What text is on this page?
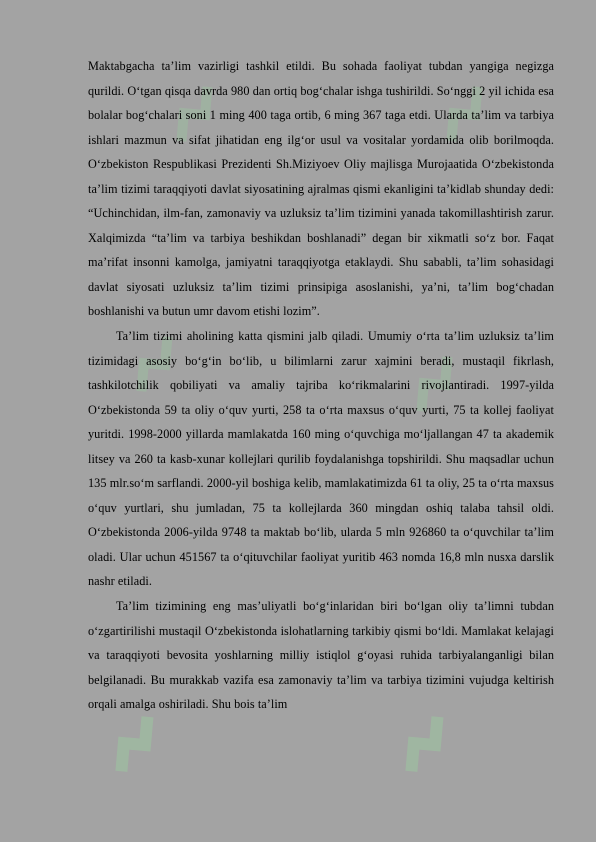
Maktabgacha ta’lim vazirligi tashkil etildi. Bu sohada faoliyat tubdan yangiga negizga qurildi. O‘tgan qisqa davrda 980 dan ortiq bog‘chalar ishga tushirildi. So‘nggi 2 yil ichida esa bolalar bog‘chalari soni 1 ming 400 taga ortib, 6 ming 367 taga etdi. Ularda ta’lim va tarbiya ishlari mazmun va sifat jihatidan eng ilg‘or usul va vositalar yordamida olib borilmoqda. O‘zbekiston Respublikasi Prezidenti Sh.Miziyoev Oliy majlisga Murojaatida O‘zbekistonda ta’lim tizimi taraqqiyoti davlat siyosatining ajralmas qismi ekanligini ta’kidlab shunday dedi: “Uchinchidan, ilm-fan, zamonaviy va uzluksiz ta’lim tizimini yanada takomillashtirish zarur. Xalqimizda “ta’lim va tarbiya beshikdan boshlanadi” degan bir xikmatli so‘z bor. Faqat ma’rifat insonni kamolga, jamiyatni taraqqiyotga etaklaydi. Shu sababli, ta’lim sohasidagi davlat siyosati uzluksiz ta’lim tizimi prinsipiga asoslanishi, ya’ni, ta’lim bog‘chadan boshlanishi va butun umr davom etishi lozim”.

Ta’lim tizimi aholining katta qismini jalb qiladi. Umumiy o‘rta ta’lim uzluksiz ta’lim tizimidagi asosiy bo‘g‘in bo‘lib, u bilimlarni zarur xajmini beradi, mustaqil fikrlash, tashkilotchilik qobiliyati va amaliy tajriba ko‘rikmalarini rivojlantiradi. 1997-yilda O‘zbekistonda 59 ta oliy o‘quv yurti, 258 ta o‘rta maxsus o‘quv yurti, 75 ta kollej faoliyat yuritdi. 1998-2000 yillarda mamlakatda 160 ming o‘quvchiga mo‘ljallangan 47 ta akademik litsey va 260 ta kasb-xunar kollejlari qurilib foydalanishga topshirildi. Shu maqsadlar uchun 135 mlr.so‘m sarflandi. 2000-yil boshiga kelib, mamlakatimizda 61 ta oliy, 25 ta o‘rta maxsus o‘quv yurtlari, shu jumladan, 75 ta kollejlarda 360 mingdan oshiq talaba tahsil oldi. O‘zbekistonda 2006-yilda 9748 ta maktab bo‘lib, ularda 5 mln 926860 ta o‘quvchilar ta’lim oladi. Ular uchun 451567 ta o‘qituvchilar faoliyat yuritib 463 nomda 16,8 mln nusxa darslik nashr etiladi.

Ta’lim tizimining eng mas’uliyatli bo‘g‘inlaridan biri bo‘lgan oliy ta’limni tubdan o‘zgartirilishi mustaqil O‘zbekistonda islohatlarning tarkibiy qismi bo‘ldi. Mamlakat kelajagi va taraqqiyoti bevosita yoshlarning milliy istiqlol g‘oyasi ruhida tarbiyalanganligi bilan belgilanadi. Bu murakkab vazifa esa zamonaviy ta’lim va tarbiya tizimini vujudga keltirish orqali amalga oshiriladi. Shu bois ta’lim
